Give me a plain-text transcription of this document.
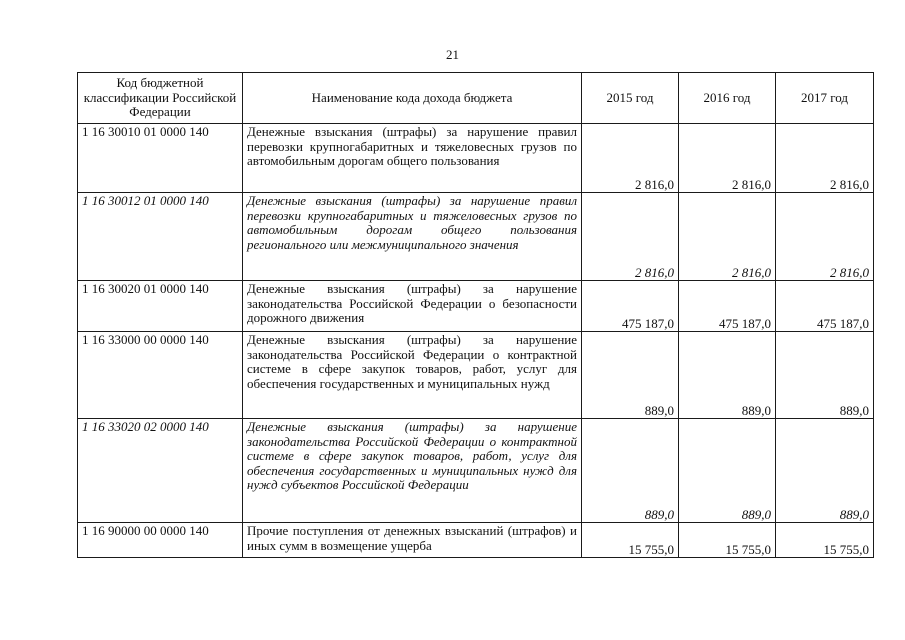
21
Код бюджетной классификации Российской Федерации	Наименование кода дохода бюджета	2015 год	2016 год	2017 год
1 16 30010 01 0000 140	Денежные взыскания (штрафы) за нарушение правил перевозки крупногабаритных и тяжеловесных грузов по автомобильным дорогам общего пользования	2 816,0	2 816,0	2 816,0
1 16 30012 01 0000 140	Денежные взыскания (штрафы) за нарушение правил перевозки крупногабаритных и тяжеловесных грузов по автомобильным дорогам общего пользования регионального или межмуниципального значения	2 816,0	2 816,0	2 816,0
1 16 30020 01 0000 140	Денежные взыскания (штрафы) за нарушение законодательства Российской Федерации о безопасности дорожного движения	475 187,0	475 187,0	475 187,0
1 16 33000 00 0000 140	Денежные взыскания (штрафы) за нарушение законодательства Российской Федерации о контрактной системе в сфере закупок товаров, работ, услуг для обеспечения государственных и муниципальных нужд	889,0	889,0	889,0
1 16 33020 02 0000 140	Денежные взыскания (штрафы) за нарушение законодательства Российской Федерации о контрактной системе в сфере закупок товаров, работ, услуг для обеспечения государственных и муниципальных нужд для нужд субъектов Российской Федерации	889,0	889,0	889,0
1 16 90000 00 0000 140	Прочие поступления от денежных взысканий (штрафов) и иных сумм в возмещение ущерба	15 755,0	15 755,0	15 755,0
